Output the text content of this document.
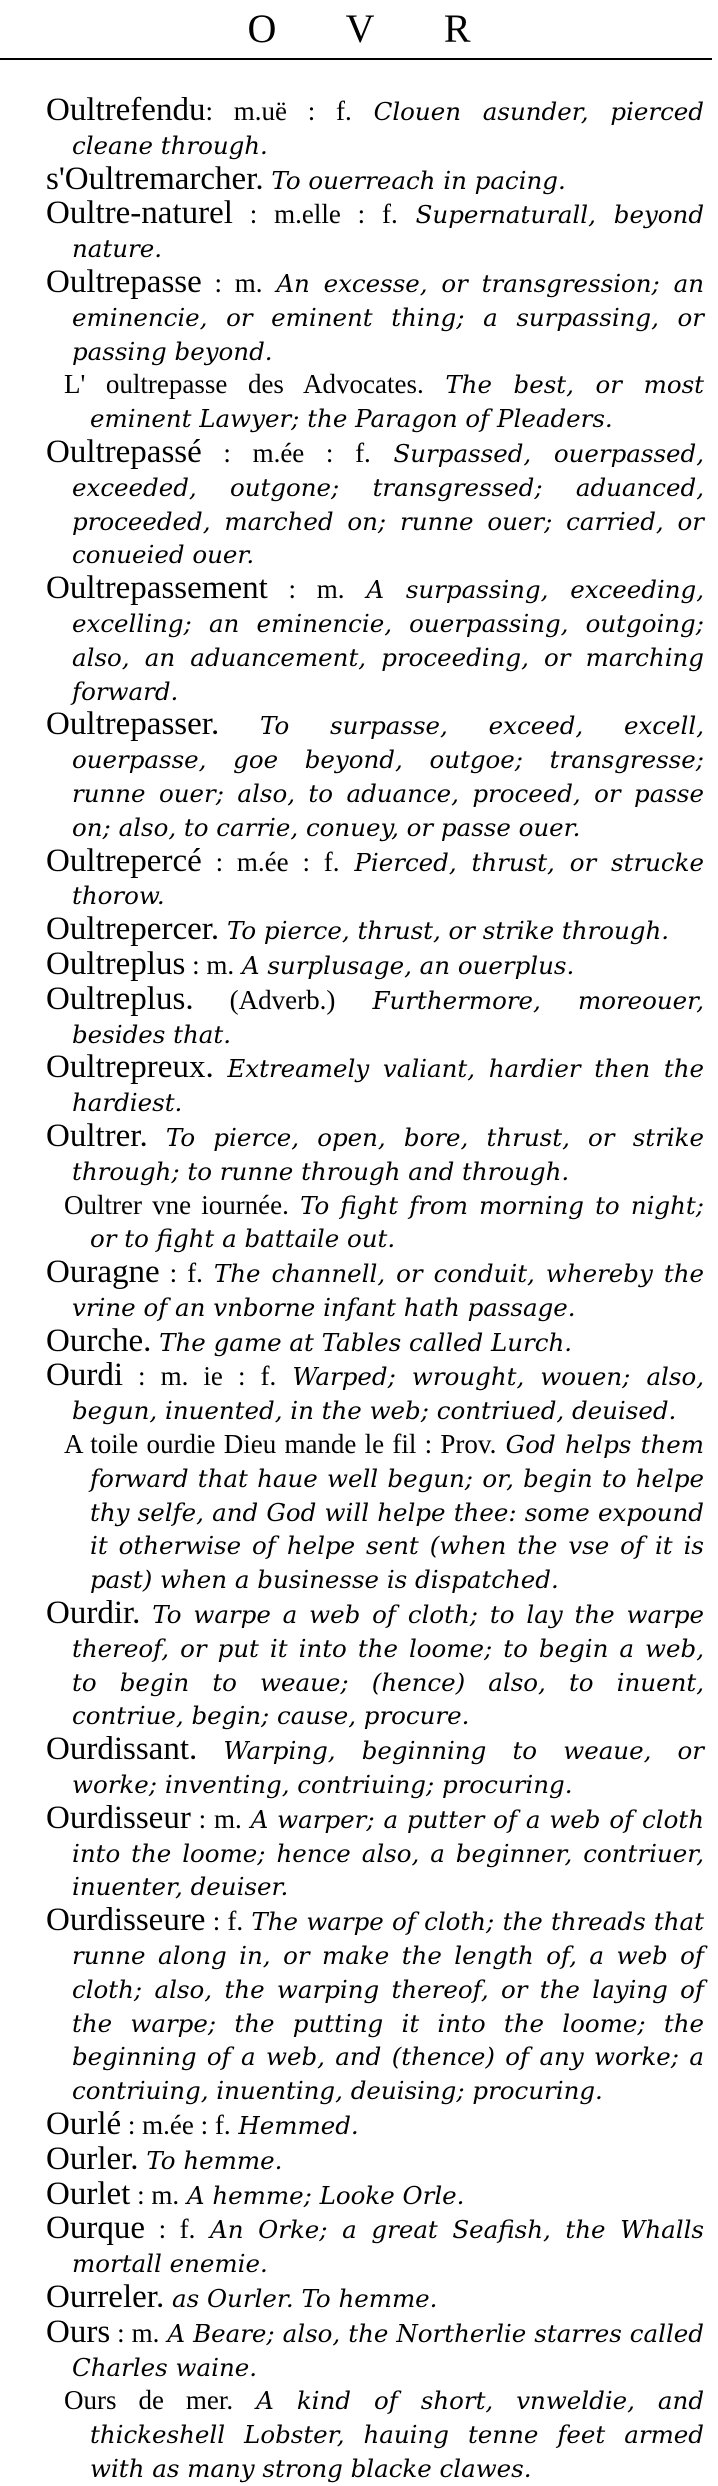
O V R

Oultrefendu: m.uë : f. Clouen asunder, pierced cleane through.

s'Oultremarcher. To ouerreach in pacing.

Oultre-naturel : m.elle : f. Supernaturall, beyond nature.

Oultrepasse : m. An excesse, or transgression; an eminencie, or eminent thing; a surpassing, or passing beyond.

L' oultrepasse des Advocates. The best, or most eminent Lawyer; the Paragon of Pleaders.

Oultrepassé : m.ée : f. Surpassed, ouerpassed, exceeded, outgone; transgressed; aduanced, proceeded, marched on; runne ouer; carried, or conueied ouer.

Oultrepassement : m. A surpassing, exceeding, excelling; an eminencie, ouerpassing, outgoing; also, an aduancement, proceeding, or marching forward.

Oultrepasser. To surpasse, exceed, excell, ouerpasse, goe beyond, outgoe; transgresse; runne ouer; also, to aduance, proceed, or passe on; also, to carrie, conuey, or passe ouer.

Oultrepercé : m.ée : f. Pierced, thrust, or strucke thorow.

Oultrepercer. To pierce, thrust, or strike through.

Oultreplus : m. A surplusage, an ouerplus.

Oultreplus. (Adverb.) Furthermore, moreouer, besides that.

Oultrepreux. Extreamely valiant, hardier then the hardiest.

Oultrer. To pierce, open, bore, thrust, or strike through; to runne through and through.

Oultrer vne iournée. To fight from morning to night; or to fight a battaile out.

Ouragne : f. The channell, or conduit, whereby the vrine of an vnborne infant hath passage.

Ourche. The game at Tables called Lurch.

Ourdi : m. ie : f. Warped; wrought, wouen; also, begun, inuented, in the web; contriued, deuised.

A toile ourdie Dieu mande le fil : Prov. God helps them forward that haue well begun; or, begin to helpe thy selfe, and God will helpe thee: some expound it otherwise of helpe sent (when the vse of it is past) when a businesse is dispatched.

Ourdir. To warpe a web of cloth; to lay the warpe thereof, or put it into the loome; to begin a web, to begin to weaue; (hence) also, to inuent, contriue, begin; cause, procure.

Ourdissant. Warping, beginning to weaue, or worke; inventing, contriuing; procuring.

Ourdisseur : m. A warper; a putter of a web of cloth into the loome; hence also, a beginner, contriuer, inuenter, deuiser.

Ourdisseure : f. The warpe of cloth; the threads that runne along in, or make the length of, a web of cloth; also, the warping thereof, or the laying of the warpe; the putting it into the loome; the beginning of a web, and (thence) of any worke; a contriuing, inuenting, deuising; procuring.

Ourlé : m.ée : f. Hemmed.

Ourler. To hemme.

Ourlet : m. A hemme; Looke Orle.

Ourque : f. An Orke; a great Seafish, the Whalls mortall enemie.

Ourreler. as Ourler. To hemme.

Ours : m. A Beare; also, the Northerlie starres called Charles waine.

Ours de mer. A kind of short, vnweldie, and thickeshell Lobster, hauing tenne feet armed with as many strong blacke clawes.
